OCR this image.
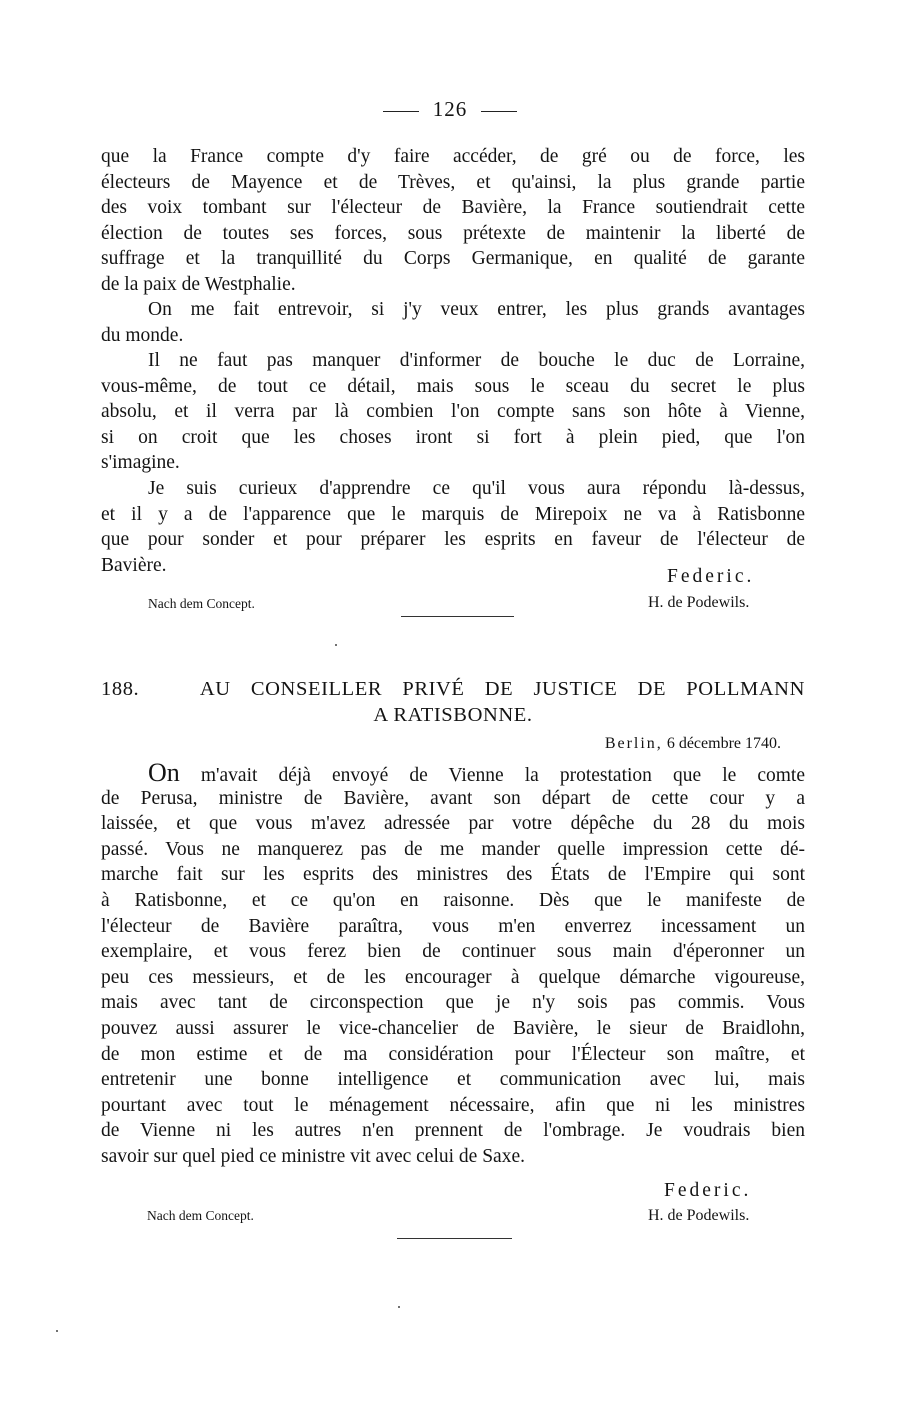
126
que la France compte d'y faire accéder, de gré ou de force, les
électeurs de Mayence et de Trèves, et qu'ainsi, la plus grande partie
des voix tombant sur l'électeur de Bavière, la France soutiendrait cette
élection de toutes ses forces, sous prétexte de maintenir la liberté de
suffrage et la tranquillité du Corps Germanique, en qualité de garante
de la paix de Westphalie.
On me fait entrevoir, si j'y veux entrer, les plus grands avantages
du monde.
Il ne faut pas manquer d'informer de bouche le duc de Lorraine,
vous-même, de tout ce détail, mais sous le sceau du secret le plus
absolu, et il verra par là combien l'on compte sans son hôte à Vienne,
si on croit que les choses iront si fort à plein pied, que l'on
s'imagine.
Je suis curieux d'apprendre ce qu'il vous aura répondu là-dessus,
et il y a de l'apparence que le marquis de Mirepoix ne va à Ratisbonne
que pour sonder et pour préparer les esprits en faveur de l'électeur de
Bavière.
Federic.
Nach dem Concept.	H. de Podewils.
188.	AU CONSEILLER PRIVÉ DE JUSTICE DE POLLMANN
A RATISBONNE.
Berlin, 6 décembre 1740.
On m'avait déjà envoyé de Vienne la protestation que le comte
de Perusa, ministre de Bavière, avant son départ de cette cour y a
laissée, et que vous m'avez adressée par votre dépêche du 28 du mois
passé. Vous ne manquerez pas de me mander quelle impression cette dé-
marche fait sur les esprits des ministres des États de l'Empire qui sont
à Ratisbonne, et ce qu'on en raisonne. Dès que le manifeste de
l'électeur de Bavière paraîtra, vous m'en enverrez incessament un
exemplaire, et vous ferez bien de continuer sous main d'éperonner un
peu ces messieurs, et de les encourager à quelque démarche vigoureuse,
mais avec tant de circonspection que je n'y sois pas commis. Vous
pouvez aussi assurer le vice-chancelier de Bavière, le sieur de Braidlohn,
de mon estime et de ma considération pour l'Électeur son maître, et
entretenir une bonne intelligence et communication avec lui, mais
pourtant avec tout le ménagement nécessaire, afin que ni les ministres
de Vienne ni les autres n'en prennent de l'ombrage. Je voudrais bien
savoir sur quel pied ce ministre vit avec celui de Saxe.
Federic.
Nach dem Concept.	H. de Podewils.
